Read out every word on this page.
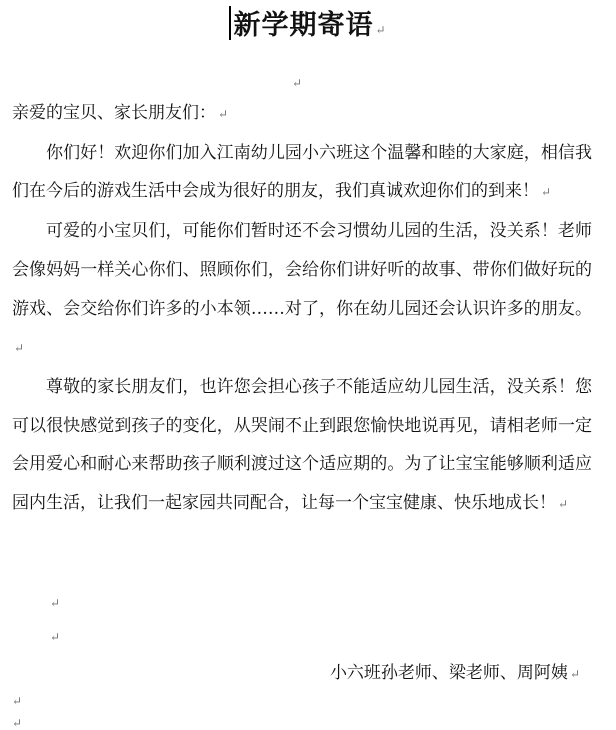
新学期寄语 ↵
↵

亲爱的宝贝、家长朋友们： ↵

你们好！欢迎你们加入江南幼儿园小六班这个温馨和睦的大家庭，相信我们在今后的游戏生活中会成为很好的朋友，我们真诚欢迎你们的到来！ ↵

可爱的小宝贝们，可能你们暂时还不会习惯幼儿园的生活，没关系！老师会像妈妈一样关心你们、照顾你们，会给你们讲好听的故事、带你们做好玩的游戏、会交给你们许多的小本领……对了，你在幼儿园还会认识许多的朋友。↵

尊敬的家长朋友们，也许您会担心孩子不能适应幼儿园生活，没关系！您可以很快感觉到孩子的变化，从哭闹不止到跟您愉快地说再见，请相老师一定会用爱心和耐心来帮助孩子顺利渡过这个适应期的。为了让宝宝能够顺利适应园内生活，让我们一起家园共同配合，让每一个宝宝健康、快乐地成长！ ↵

↵
↵
小六班孙老师、梁老师、周阿姨 ↵
↵
↵
